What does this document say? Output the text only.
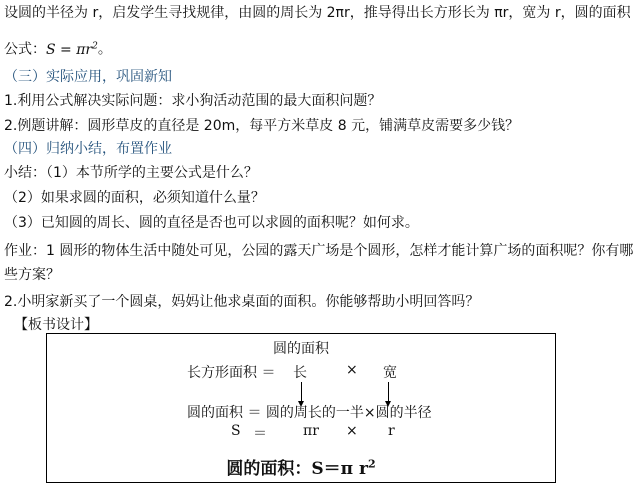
设圆的半径为 r，启发学生寻找规律，由圆的周长为 2πr，推导得出长方形长为 πr，宽为 r，圆的面积
公式：$S = \pi r^2$。
（三）实际应用，巩固新知
1.利用公式解决实际问题：求小狗活动范围的最大面积问题？
2.例题讲解：圆形草皮的直径是 20m，每平方米草皮 8 元，铺满草皮需要多少钱？
（四）归纳小结，布置作业
小结：（1）本节所学的主要公式是什么？
（2）如果求圆的面积，必须知道什么量？
（3）已知圆的周长、圆的直径是否也可以求圆的面积呢？如何求。
作业：1 圆形的物体生活中随处可见，公园的露天广场是个圆形，怎样才能计算广场的面积呢？你有哪
些方案？
2.小明家新买了一个圆桌，妈妈让他求桌面的面积。你能够帮助小明回答吗？
【板书设计】
圆的面积
长方形面积 ＝ 长	× 宽
圆的面积 ＝ 圆的周长的一半×圆的半径
S ＝	πr × r
圆的面积：S＝π $r^2$
